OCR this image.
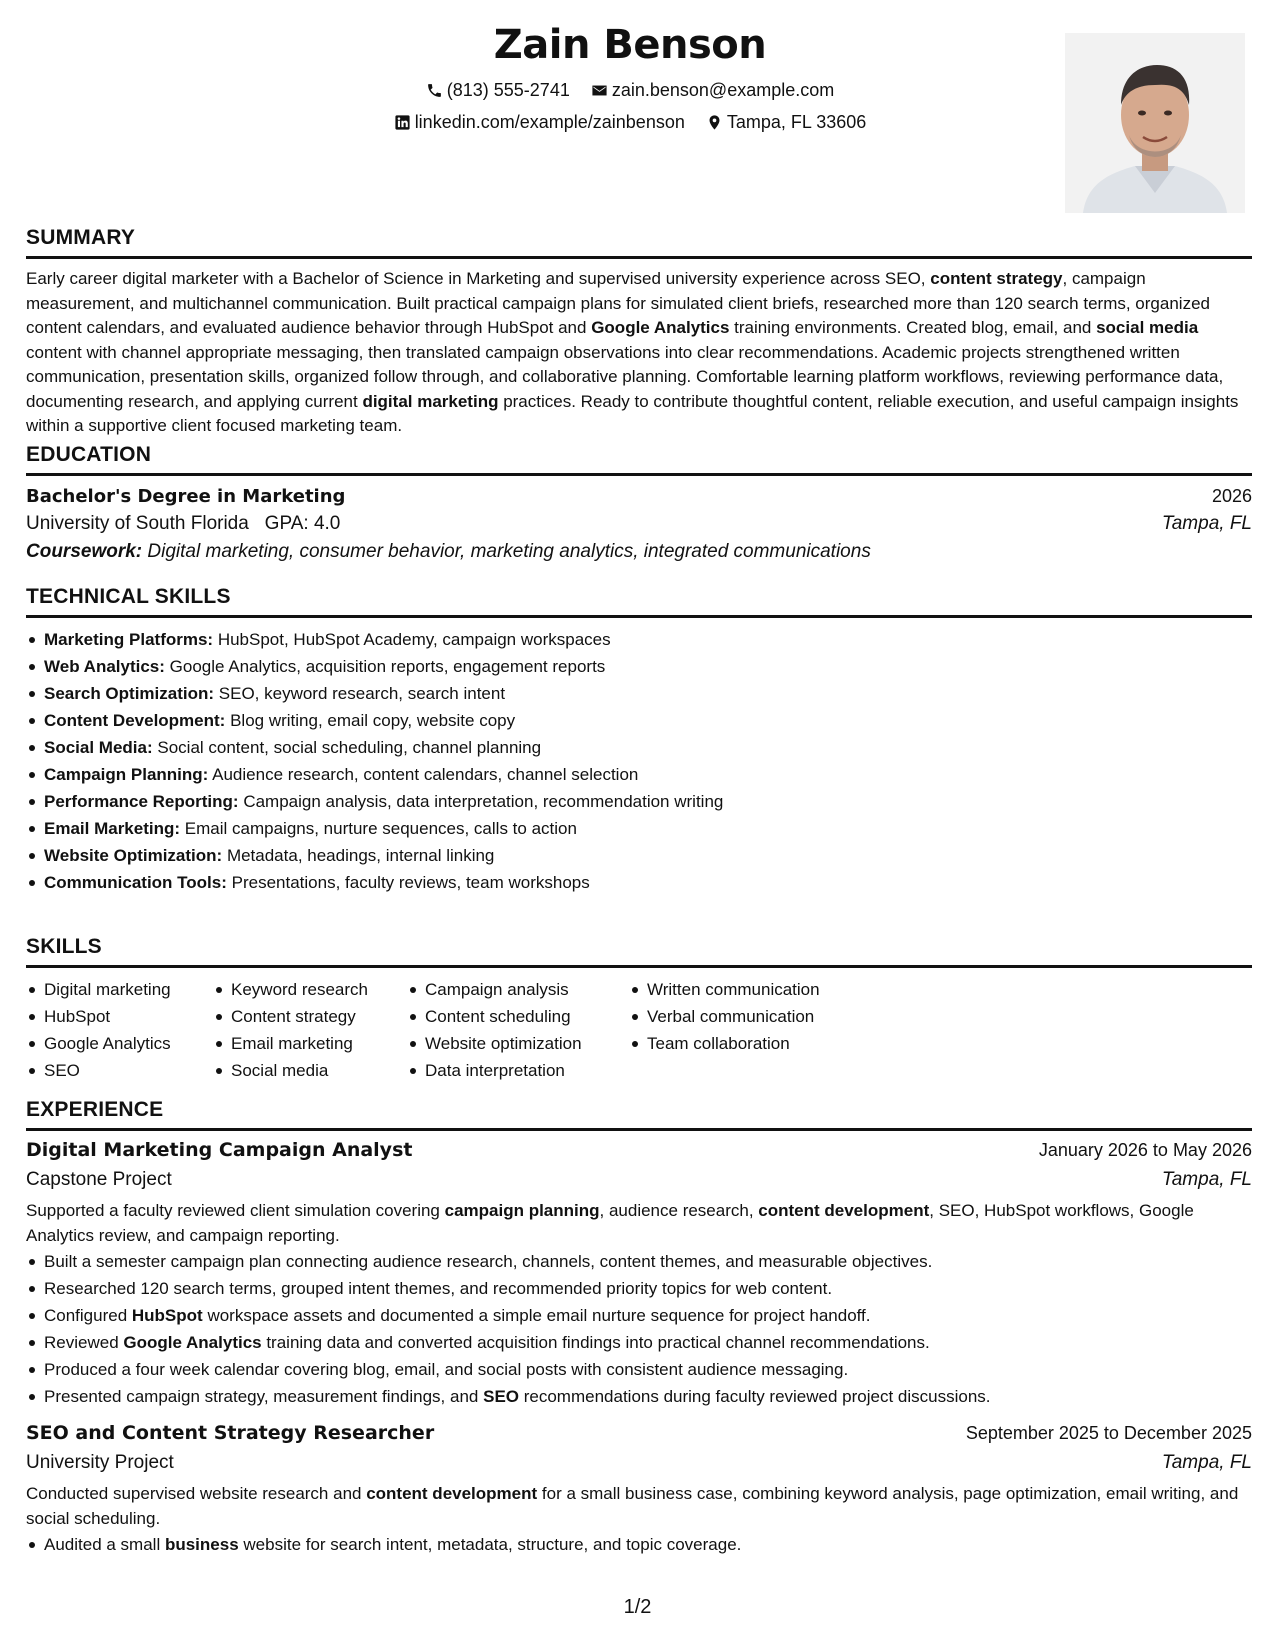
Zain Benson
(813) 555-2741
zain.benson@example.com
linkedin.com/example/zainbenson
Tampa, FL 33606
SUMMARY

Early career digital marketer with a Bachelor of Science in Marketing and supervised university experience across SEO, content strategy, campaign measurement, and multichannel communication. Built practical campaign plans for simulated client briefs, researched more than 120 search terms, organized content calendars, and evaluated audience behavior through HubSpot and Google Analytics training environments. Created blog, email, and social media content with channel appropriate messaging, then translated campaign observations into clear recommendations. Academic projects strengthened written communication, presentation skills, organized follow through, and collaborative planning. Comfortable learning platform workflows, reviewing performance data, documenting research, and applying current digital marketing practices. Ready to contribute thoughtful content, reliable execution, and useful campaign insights within a supportive client focused marketing team.

EDUCATION
Bachelor's Degree in Marketing	2026
University of South Florida GPA: 4.0	Tampa, FL
Coursework: Digital marketing, consumer behavior, marketing analytics, integrated communications
TECHNICAL SKILLS
Marketing Platforms: HubSpot, HubSpot Academy, campaign workspaces
Web Analytics: Google Analytics, acquisition reports, engagement reports
Search Optimization: SEO, keyword research, search intent
Content Development: Blog writing, email copy, website copy
Social Media: Social content, social scheduling, channel planning
Campaign Planning: Audience research, content calendars, channel selection
Performance Reporting: Campaign analysis, data interpretation, recommendation writing
Email Marketing: Email campaigns, nurture sequences, calls to action
Website Optimization: Metadata, headings, internal linking
Communication Tools: Presentations, faculty reviews, team workshops
SKILLS
Digital marketing
HubSpot
Google Analytics
SEO
Keyword research
Content strategy
Email marketing
Social media
Campaign analysis
Content scheduling
Website optimization
Data interpretation
Written communication
Verbal communication
Team collaboration
EXPERIENCE
Digital Marketing Campaign Analyst	January 2026 to May 2026
Capstone Project	Tampa, FL

Supported a faculty reviewed client simulation covering campaign planning, audience research, content development, SEO, HubSpot workflows, Google Analytics review, and campaign reporting.

Built a semester campaign plan connecting audience research, channels, content themes, and measurable objectives.
Researched 120 search terms, grouped intent themes, and recommended priority topics for web content.
Configured HubSpot workspace assets and documented a simple email nurture sequence for project handoff.
Reviewed Google Analytics training data and converted acquisition findings into practical channel recommendations.
Produced a four week calendar covering blog, email, and social posts with consistent audience messaging.
Presented campaign strategy, measurement findings, and SEO recommendations during faculty reviewed project discussions.
SEO and Content Strategy Researcher	September 2025 to December 2025
University Project	Tampa, FL

Conducted supervised website research and content development for a small business case, combining keyword analysis, page optimization, email writing, and social scheduling.

Audited a small business website for search intent, metadata, structure, and topic coverage.
1/2
